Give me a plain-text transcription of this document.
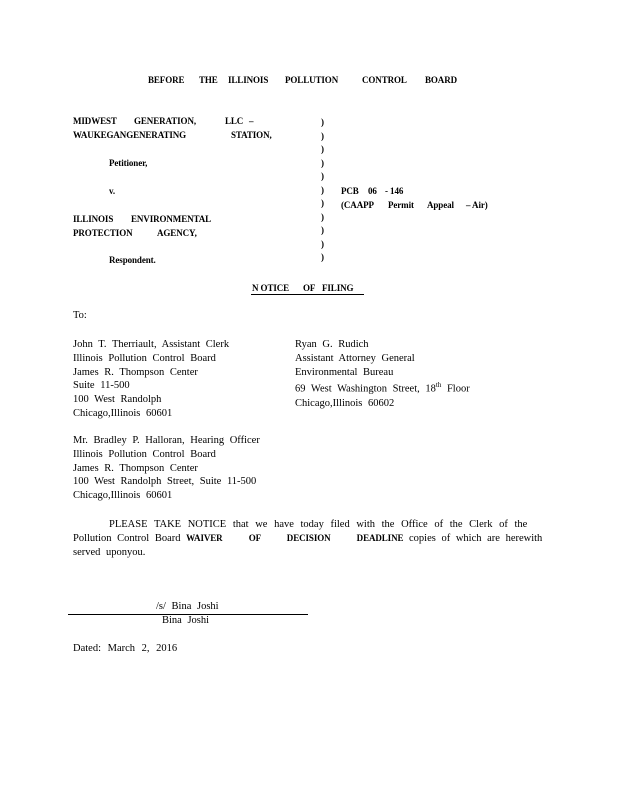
BEFORE THE ILLINOIS POLLUTION	CONTROL BOARD
MIDWEST GENERATION,	LLC –
WAUKEGANGENERATING	STATION,
Petitioner,
v.
ILLINOIS ENVIRONMENTAL
PROTECTION	AGENCY,
Respondent.
)
)
)
)
)
)
)
)
)
)
)
PCB 06 - 146
(CAAPP Permit Appeal – Air)
N OTICE OF FILING
To:
John T. Therriault, Assistant Clerk
Illinois Pollution Control Board
James R. Thompson Center
Suite 11-500
100 West Randolph
Chicago,Illinois 60601
Ryan G. Rudich
Assistant Attorney General
Environmental Bureau
69 West Washington Street, 18th Floor
Chicago,Illinois 60602
Mr. Bradley P. Halloran, Hearing Officer
Illinois Pollution Control Board
James R. Thompson Center
100 West Randolph Street, Suite 11-500
Chicago,Illinois 60601
PLEASE TAKE NOTICE that we have today filed with the Office of the Clerk of the
Pollution Control Board WAIVER OF DECISION DEADLINE copies of which are herewith
served uponyou.
/s/ Bina Joshi
Bina Joshi
Dated: March 2, 2016
